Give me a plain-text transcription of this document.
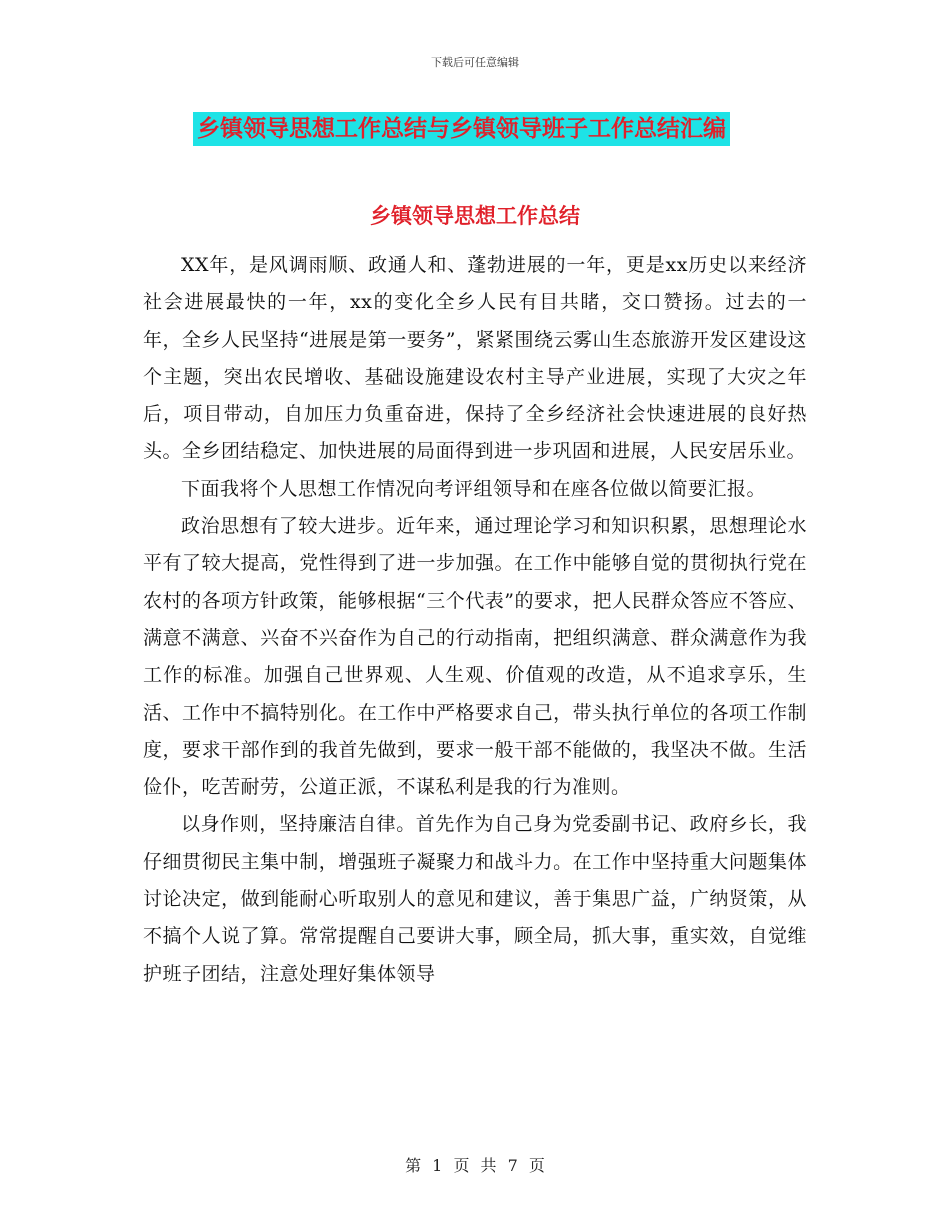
下载后可任意编辑
乡镇领导思想工作总结与乡镇领导班子工作总结汇编
乡镇领导思想工作总结

XX年，是风调雨顺、政通人和、蓬勃进展的一年，更是xx历史以来经济社会进展最快的一年，xx的变化全乡人民有目共睹，交口赞扬。过去的一年，全乡人民坚持“进展是第一要务”，紧紧围绕云雾山生态旅游开发区建设这个主题，突出农民增收、基础设施建设农村主导产业进展，实现了大灾之年后，项目带动，自加压力负重奋进，保持了全乡经济社会快速进展的良好热头。全乡团结稳定、加快进展的局面得到进一步巩固和进展，人民安居乐业。

下面我将个人思想工作情况向考评组领导和在座各位做以简要汇报。

政治思想有了较大进步。近年来，通过理论学习和知识积累，思想理论水平有了较大提高，党性得到了进一步加强。在工作中能够自觉的贯彻执行党在农村的各项方针政策，能够根据“三个代表”的要求，把人民群众答应不答应、满意不满意、兴奋不兴奋作为自己的行动指南，把组织满意、群众满意作为我工作的标准。加强自己世界观、人生观、价值观的改造，从不追求享乐，生活、工作中不搞特别化。在工作中严格要求自己，带头执行单位的各项工作制度，要求干部作到的我首先做到，要求一般干部不能做的，我坚决不做。生活俭仆，吃苦耐劳，公道正派，不谋私利是我的行为准则。

以身作则，坚持廉洁自律。首先作为自己身为党委副书记、政府乡长，我仔细贯彻民主集中制，增强班子凝聚力和战斗力。在工作中坚持重大问题集体讨论决定，做到能耐心听取别人的意见和建议，善于集思广益，广纳贤策，从不搞个人说了算。常常提醒自己要讲大事，顾全局，抓大事，重实效，自觉维护班子团结，注意处理好集体领导

第 1 页 共 7 页
